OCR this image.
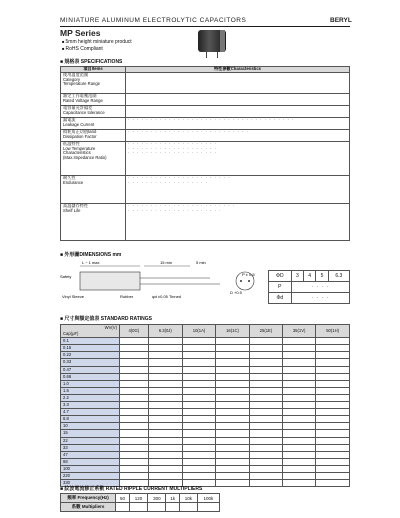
MINIATURE ALUMINUM ELECTROLYTIC CAPACITORS	BERYL
MP Series
■ 5mm height miniature product
■ RoHS Compliant
■ 規格表 SPECIFICATIONS
項目Items	特性參數Characteristics
使用溫度范圍
Category
Temperature Range	
額定工作電壓范圍
Rated Voltage Range	
電容量允許偏差
Capacitance tolerance	
漏電流
Leakage Current	· · · · · · · · · · · · · · · · · · · · · · · · · · · · · · · · · · · · ·
損耗角正切值tanδ
Dissipation Factor	· · · · · · · · · · · · · · · · · · · · · · · · · · ·
低溫特性
Low Temperature
Characteristics
(Max.Impedance Ratio)	· · · · · · · · · · · · · · · · · · · ·
· · · · · · · · · · · · · · · · · · · ·
· · · · · · · · · · · · · · · · · · · ·
耐久性
Endurance	· · · · · · · · · · · · · · · · · · · · · · ·
· · · · · · · · · · · · · · · · · ·
高溫儲存特性
Shelf Life	· · · · · · · · · · · · · · · · · · · · · · · ·
· · · · · · · · · · · · · · · · · · · · ·
■ 外形圖DIMENSIONS mm
L ~ 1 max	15 min	5 min
Safety
Vinyl Sleeve	Rubber	φd ±0.05 Tinned
D +0.5
P ± 0.5	ΦD	3	4	5	6.3
P	· · · ·			
Φd	· · · ·			
■ 尺寸與額定值表 STANDARD RATINGS
WV(V)

Cap(μF)	4(0G)	6.3(0J)	10(1A)	16(1C)	25(1E)	35(1V)	50(1H)
0.1							
0.15							
0.22							
0.33							
0.47							
0.68							
1.0							
1.5							
2.2							
3.3							
4.7							
6.8							
10							
15							
22							
33							
47							
68							
100							
220							
330							
■ 紋波電流修正系數 RATED RIPPLE CURRENT MULTIPLIERS
頻率 Frequency(Hz)	50	120	300	1k	10k	100k
系數 Multipliers						
